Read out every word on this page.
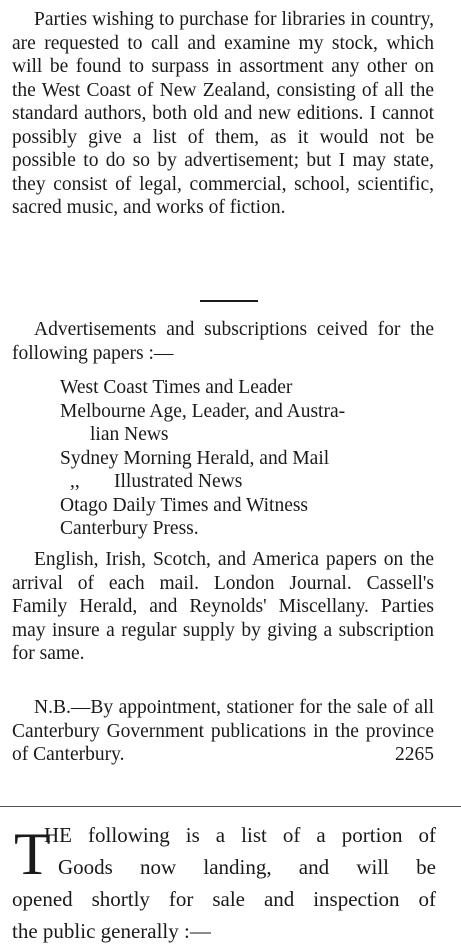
Parties wishing to purchase for libraries in country, are requested to call and examine my stock, which will be found to surpass in assortment any other on the West Coast of New Zealand, consisting of all the standard authors, both old and new editions. I cannot possibly give a list of them, as it would not be possible to do so by advertisement; but I may state, they consist of legal, commercial, school, scientific, sacred music, and works of fiction.

Advertisements and subscriptions ceived for the following papers :—

West Coast Times and Leader
Melbourne Age, Leader, and Austra-
lian News
Sydney Morning Herald, and Mail
,, Illustrated News
Otago Daily Times and Witness
Canterbury Press.

English, Irish, Scotch, and America papers on the arrival of each mail. London Journal. Cassell's Family Herald, and Reynolds' Miscellany. Parties may insure a regular supply by giving a subscription for same.

N.B.—By appointment, stationer for the sale of all Canterbury Government publications in the province of Canterbury.	2265

T

HE following is a list of a portion of

Goods now landing, and will be

opened shortly for sale and inspection of

the public generally :—
